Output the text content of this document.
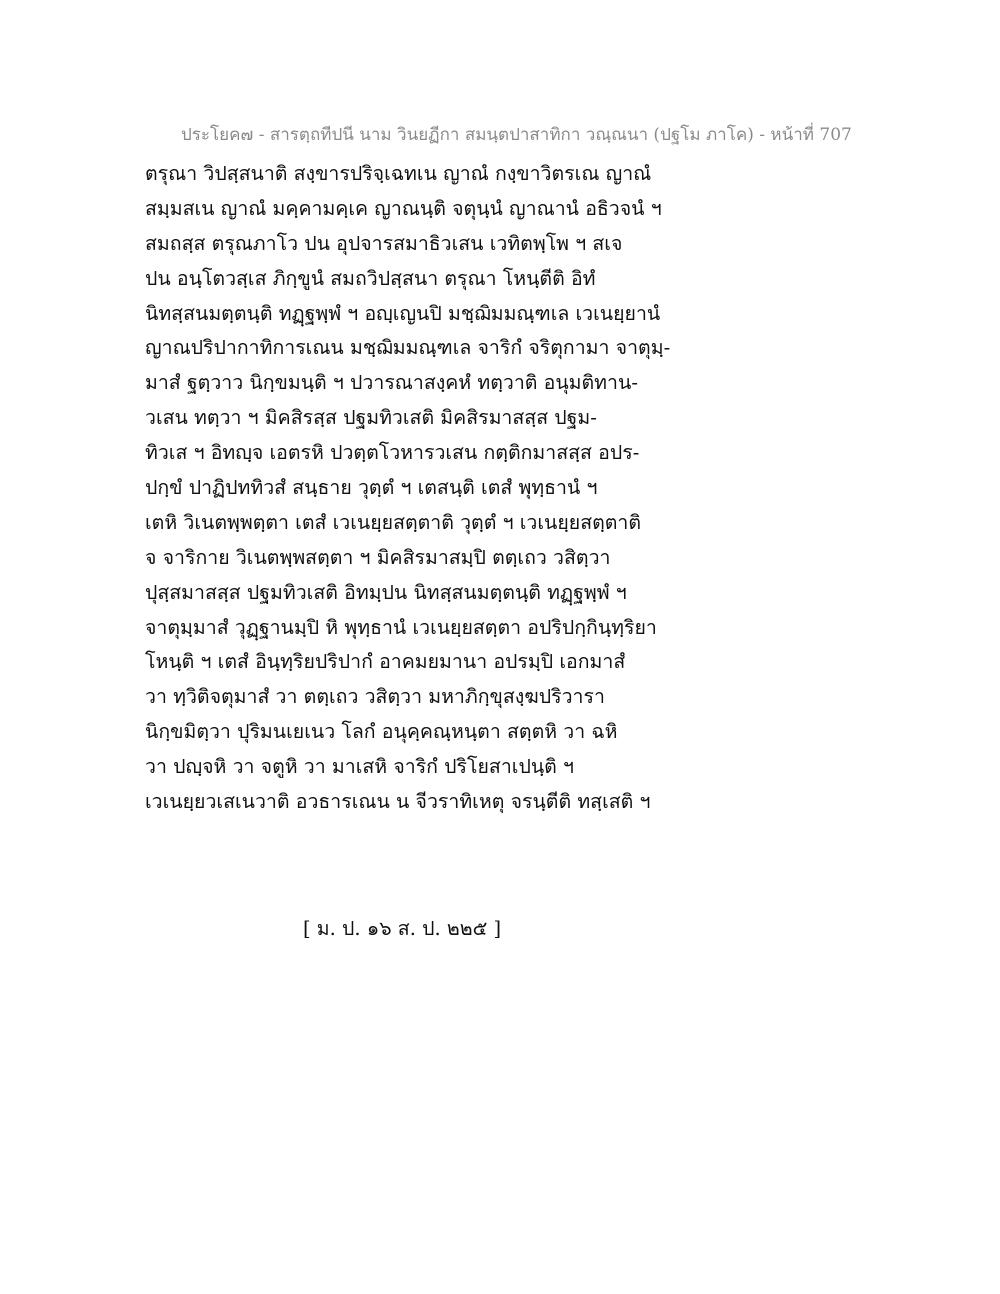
ประโยค๗ - สารตฺถทีปนี นาม วินยฏีกา สมนฺตปาสาทิกา วณฺณนา (ปฐโม ภาโค) - หน้าที่ 707
ตรุณา วิปสฺสนาติ สงฺขารปริจฺเฉทเน ญาณํ กงฺขาวิตรเณ ญาณํ
สมฺมสเน ญาณํ มคฺคามคฺเค ญาณนฺติ จตุนฺนํ ญาณานํ อธิวจนํ ฯ
สมถสฺส ตรุณภาโว ปน อุปจารสมาธิวเสน เวทิตพฺโพ ฯ สเจ
ปน อนฺโตวสฺเส ภิกฺขูนํ สมถวิปสฺสนา ตรุณา โหนฺตีติ อิทํ
นิทสฺสนมตฺตนฺติ ทฏฺฐพฺพํ ฯ อญฺเญนปิ มชฺฌิมมณฺฑเล เวเนยฺยานํ
ญาณปริปากาทิการเณน มชฺฌิมมณฺฑเล จาริกํ จริตุกามา จาตุมฺ-
มาสํ ฐตฺวาว นิกฺขมนฺติ ฯ ปวารณาสงฺคหํ ทตฺวาติ อนุมติทาน-
วเสน ทตฺวา ฯ มิคสิรสฺส ปฐมทิวเสติ มิคสิรมาสสฺส ปฐม-
ทิวเส ฯ อิทญฺจ เอตรหิ ปวตฺตโวหารวเสน กตฺติกมาสสฺส อปร-
ปกฺขํ ปาฏิปททิวสํ สนฺธาย วุตฺตํ ฯ เตสนฺติ เตสํ พุทฺธานํ ฯ
เตหิ วิเนตพฺพตฺตา เตสํ เวเนยฺยสตฺตาติ วุตฺตํ ฯ เวเนยฺยสตฺตาติ
จ จาริกาย วิเนตพฺพสตฺตา ฯ มิคสิรมาสมฺปิ ตตฺเถว วสิตฺวา
ปุสฺสมาสสฺส ปฐมทิวเสติ อิทมฺปน นิทสฺสนมตฺตนฺติ ทฏฺฐพฺพํ ฯ
จาตุมฺมาสํ วุฏฺฐานมฺปิ หิ พุทฺธานํ เวเนยฺยสตฺตา อปริปกฺกินฺทฺริยา
โหนฺติ ฯ เตสํ อินฺทฺริยปริปากํ อาคมยมานา อปรมฺปิ เอกมาสํ
วา ทฺวิติจตุมาสํ วา ตตฺเถว วสิตฺวา มหาภิกฺขุสงฺฆปริวารา
นิกฺขมิตฺวา ปุริมนเยเนว โลกํ อนุคฺคณฺหนฺตา สตฺตหิ วา ฉหิ
วา ปญฺจหิ วา จตูหิ วา มาเสหิ จาริกํ ปริโยสาเปนฺติ ฯ
เวเนยฺยวเสเนวาติ อวธารเณน น จีวราทิเหตุ จรนฺตีติ ทสฺเสติ ฯ
[ ม. ป. ๑๖ ส. ป. ๒๒๕ ]
